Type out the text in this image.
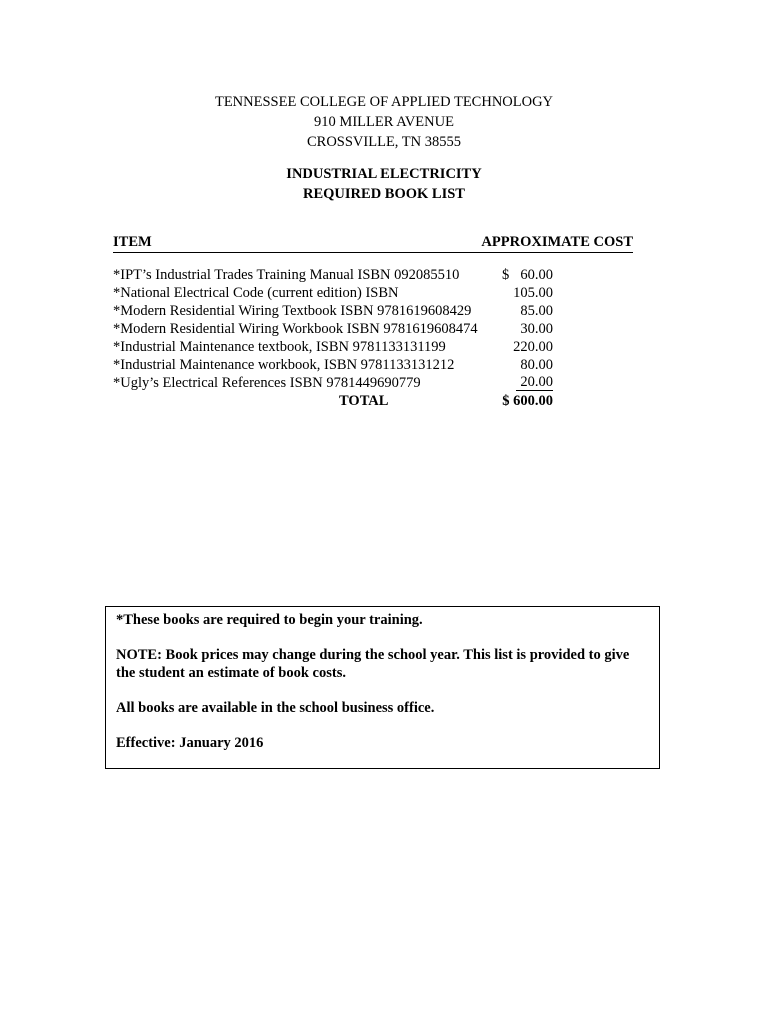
TENNESSEE COLLEGE OF APPLIED TECHNOLOGY
910 MILLER AVENUE
CROSSVILLE, TN 38555
INDUSTRIAL ELECTRICITY
REQUIRED BOOK LIST
ITEM	APPROXIMATE COST
*IPT’s Industrial Trades Training Manual ISBN 092085510	$ 60.00
*National Electrical Code (current edition) ISBN	105.00
*Modern Residential Wiring Textbook ISBN 9781619608429	85.00
*Modern Residential Wiring Workbook ISBN 9781619608474	30.00
*Industrial Maintenance textbook, ISBN 9781133131199	220.00
*Industrial Maintenance workbook, ISBN 9781133131212	80.00
*Ugly’s Electrical References ISBN 9781449690779	20.00
TOTAL	$ 600.00

*These books are required to begin your training.

NOTE: Book prices may change during the school year. This list is provided to give the student an estimate of book costs.

All books are available in the school business office.

Effective: January 2016
